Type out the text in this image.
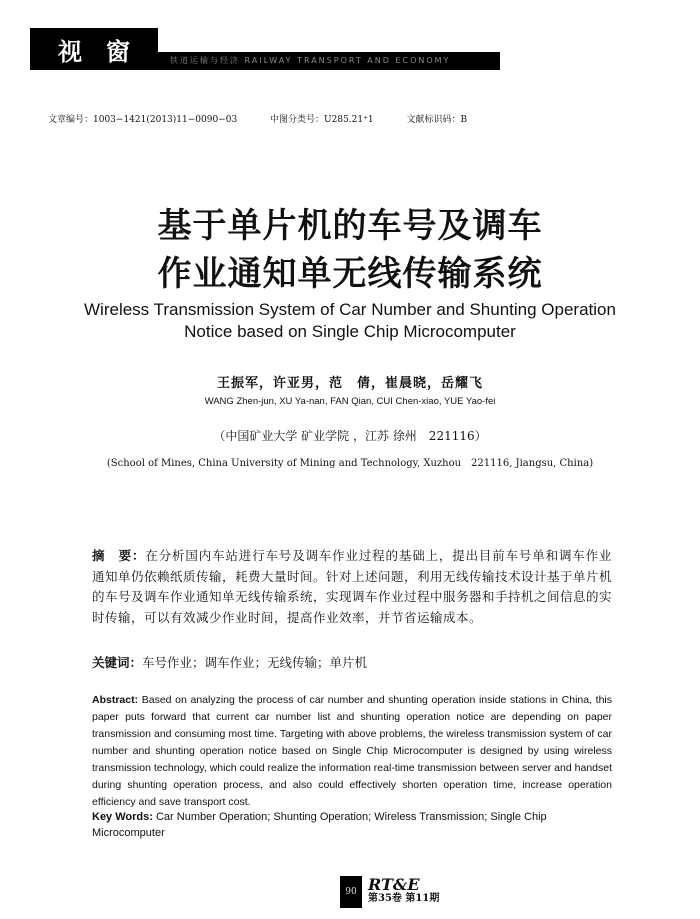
视　窗	铁道运输与经济 RAILWAY TRANSPORT AND ECONOMY
文章编号：1003−1421(2013)11−0090−03	中图分类号：U285.21⁺1	文献标识码：B
基于单片机的车号及调车
作业通知单无线传输系统
Wireless Transmission System of Car Number and Shunting Operation
Notice based on Single Chip Microcomputer
王振军，许亚男，范　倩，崔晨晓，岳耀飞
WANG Zhen-jun, XU Ya-nan, FAN Qian, CUI Chen-xiao, YUE Yao-fei
（中国矿业大学 矿业学院 ，江苏 徐州　221116）
(School of Mines, China University of Mining and Technology, Xuzhou　221116, Jiangsu, China)
摘　要：在分析国内车站进行车号及调车作业过程的基础上，提出目前车号单和调车作业通知单仍依赖纸质传输，耗费大量时间。针对上述问题，利用无线传输技术设计基于单片机的车号及调车作业通知单无线传输系统，实现调车作业过程中服务器和手持机之间信息的实时传输，可以有效减少作业时间，提高作业效率，并节省运输成本。
关键词：车号作业；调车作业；无线传输；单片机
Abstract: Based on analyzing the process of car number and shunting operation inside stations in China, this paper puts forward that current car number list and shunting operation notice are depending on paper transmission and consuming most time. Targeting with above problems, the wireless transmission system of car number and shunting operation notice based on Single Chip Microcomputer is designed by using wireless transmission technology, which could realize the information real-time transmission between server and handset during shunting operation process, and also could effectively shorten operation time, increase operation efficiency and save transport cost.
Key Words: Car Number Operation; Shunting Operation; Wireless Transmission; Single Chip Microcomputer
90 RT&E
第35卷 第11期
